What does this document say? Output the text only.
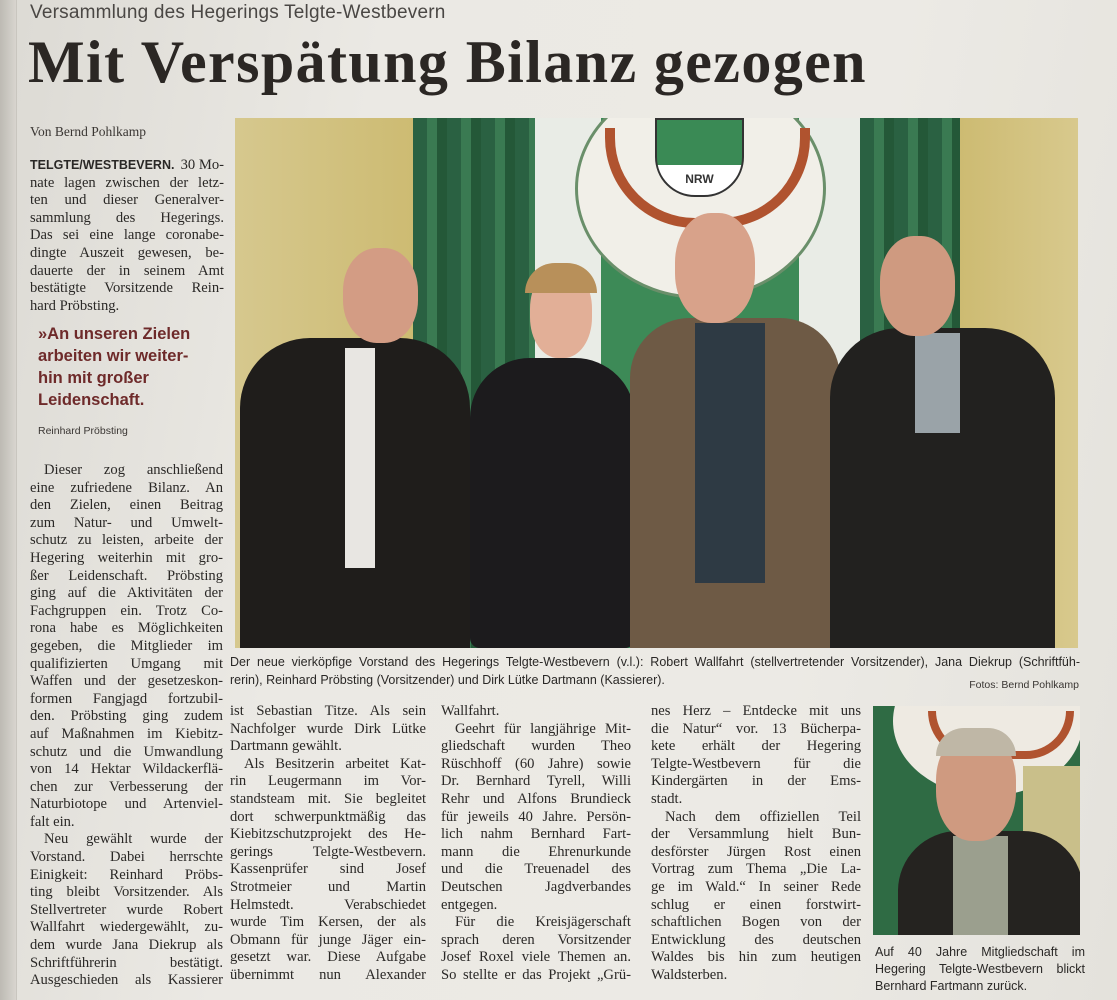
Versammlung des Hegerings Telgte-Westbevern
Mit Verspätung Bilanz gezogen
Von Bernd Pohlkamp
TELGTE/WESTBEVERN. 30 Mo-
nate lagen zwischen der letz-
ten und dieser Generalver-
sammlung des Hegerings.
Das sei eine lange coronabe-
dingte Auszeit gewesen, be-
dauerte der in seinem Amt
bestätigte Vorsitzende Rein-
hard Pröbsting.
»An unseren Zielen
arbeiten wir weiter-
hin mit großer
Leidenschaft.
Reinhard Pröbsting
Dieser zog anschließend
eine zufriedene Bilanz. An
den Zielen, einen Beitrag
zum Natur- und Umwelt-
schutz zu leisten, arbeite der
Hegering weiterhin mit gro-
ßer Leidenschaft. Pröbsting
ging auf die Aktivitäten der
Fachgruppen ein. Trotz Co-
rona habe es Möglichkeiten
gegeben, die Mitglieder im
qualifizierten Umgang mit
Waffen und der gesetzeskon-
formen Fangjagd fortzubil-
den. Pröbsting ging zudem
auf Maßnahmen im Kiebitz-
schutz und die Umwandlung
von 14 Hektar Wildackerflä-
chen zur Verbesserung der
Naturbiotope und Artenviel-
falt ein.
Neu gewählt wurde der
Vorstand. Dabei herrschte
Einigkeit: Reinhard Pröbs-
ting bleibt Vorsitzender. Als
Stellvertreter wurde Robert
Wallfahrt wiedergewählt, zu-
dem wurde Jana Diekrup als
Schriftführerin bestätigt.
Ausgeschieden als Kassierer
ist Sebastian Titze. Als sein
Nachfolger wurde Dirk Lütke
Dartmann gewählt.
Als Besitzerin arbeitet Kat-
rin Leugermann im Vor-
standsteam mit. Sie begleitet
dort schwerpunktmäßig das
Kiebitzschutzprojekt des He-
gerings Telgte-Westbevern.
Kassenprüfer sind Josef
Strotmeier und Martin
Helmstedt. Verabschiedet
wurde Tim Kersen, der als
Obmann für junge Jäger ein-
gesetzt war. Diese Aufgabe
übernimmt nun Alexander
Wallfahrt.
Geehrt für langjährige Mit-
gliedschaft wurden Theo
Rüschhoff (60 Jahre) sowie
Dr. Bernhard Tyrell, Willi
Rehr und Alfons Brundieck
für jeweils 40 Jahre. Persön-
lich nahm Bernhard Fart-
mann die Ehrenurkunde
und die Treuenadel des
Deutschen Jagdverbandes
entgegen.
Für die Kreisjägerschaft
sprach deren Vorsitzender
Josef Roxel viele Themen an.
So stellte er das Projekt „Grü-
nes Herz – Entdecke mit uns
die Natur“ vor. 13 Bücherpa-
kete erhält der Hegering
Telgte-Westbevern für die
Kindergärten in der Ems-
stadt.
Nach dem offiziellen Teil
der Versammlung hielt Bun-
desförster Jürgen Rost einen
Vortrag zum Thema „Die La-
ge im Wald.“ In seiner Rede
schlug er einen forstwirt-
schaftlichen Bogen von der
Entwicklung des deutschen
Waldes bis hin zum heutigen
Waldsterben.
$_{NRW}$
Der neue vierköpfige Vorstand des Hegerings Telgte-Westbevern (v.l.): Robert Wallfahrt (stellvertretender Vorsitzender), Jana Diekrup (Schriftfüh-
rerin), Reinhard Pröbsting (Vorsitzender) und Dirk Lütke Dartmann (Kassierer).	Fotos: Bernd Pohlkamp
Auf 40 Jahre Mitgliedschaft im
Hegering Telgte-Westbevern blickt
Bernhard Fartmann zurück.
